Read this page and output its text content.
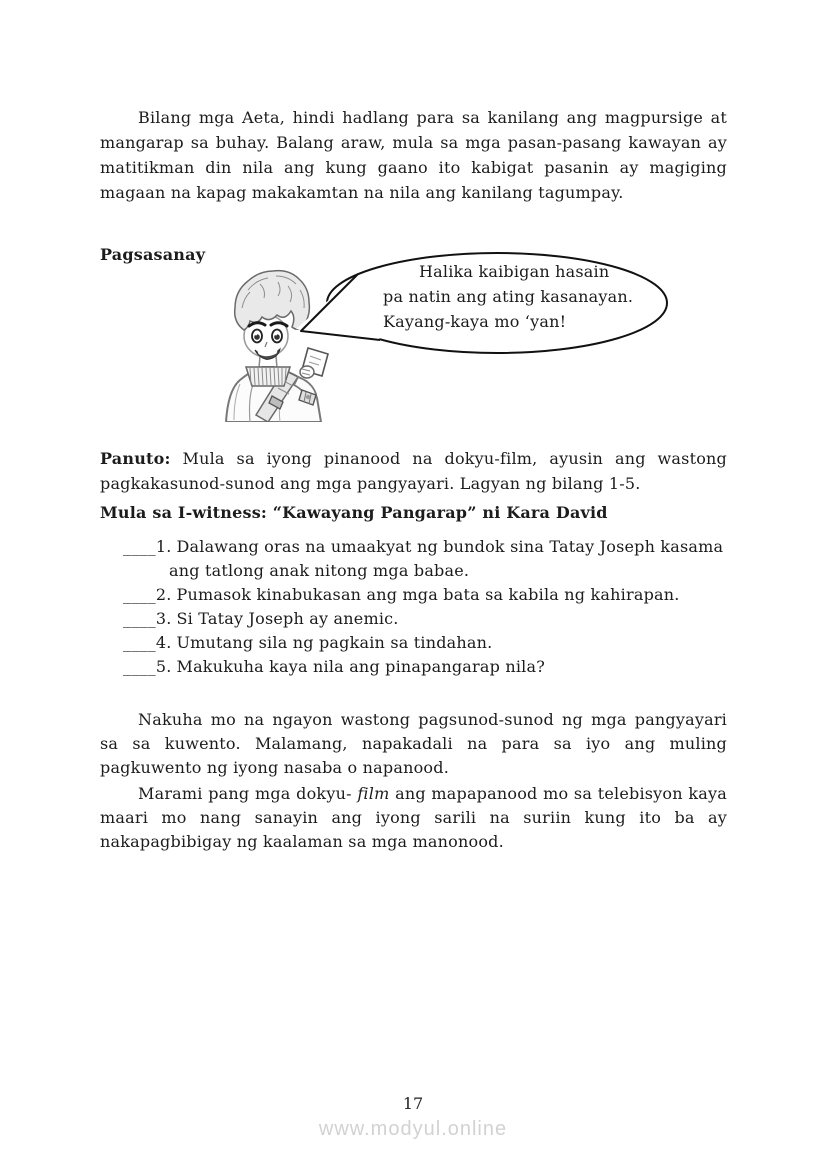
Bilang mga Aeta, hindi hadlang para sa kanilang ang magpursige at mangarap sa buhay. Balang araw, mula sa mga pasan-pasang kawayan ay matitikman din nila ang kung gaano ito kabigat pasanin ay magiging magaan na kapag makakamtan na nila ang kanilang tagumpay.

Pagsasanay
Halika kaibigan hasain
pa natin ang ating kasanayan.
Kayang-kaya mo ‘yan!

Panuto: Mula sa iyong pinanood na dokyu-film, ayusin ang wastong pagkakasunod-sunod ang mga pangyayari. Lagyan ng bilang 1-5.

Mula sa I-witness: “Kawayang Pangarap” ni Kara David

____1. Dalawang oras na umaakyat ng bundok sina Tatay Joseph kasama ang tatlong anak nitong mga babae.

____2. Pumasok kinabukasan ang mga bata sa kabila ng kahirapan.

____3. Si Tatay Joseph ay anemic.

____4. Umutang sila ng pagkain sa tindahan.

____5. Makukuha kaya nila ang pinapangarap nila?

Nakuha mo na ngayon wastong pagsunod-sunod ng mga pangyayari sa sa kuwento. Malamang, napakadali na para sa iyo ang muling pagkuwento ng iyong nasaba o napanood.

Marami pang mga dokyu- film ang mapapanood mo sa telebisyon kaya maari mo nang sanayin ang iyong sarili na suriin kung ito ba ay nakapagbibigay ng kaalaman sa mga manonood.

17
www.modyul.online
